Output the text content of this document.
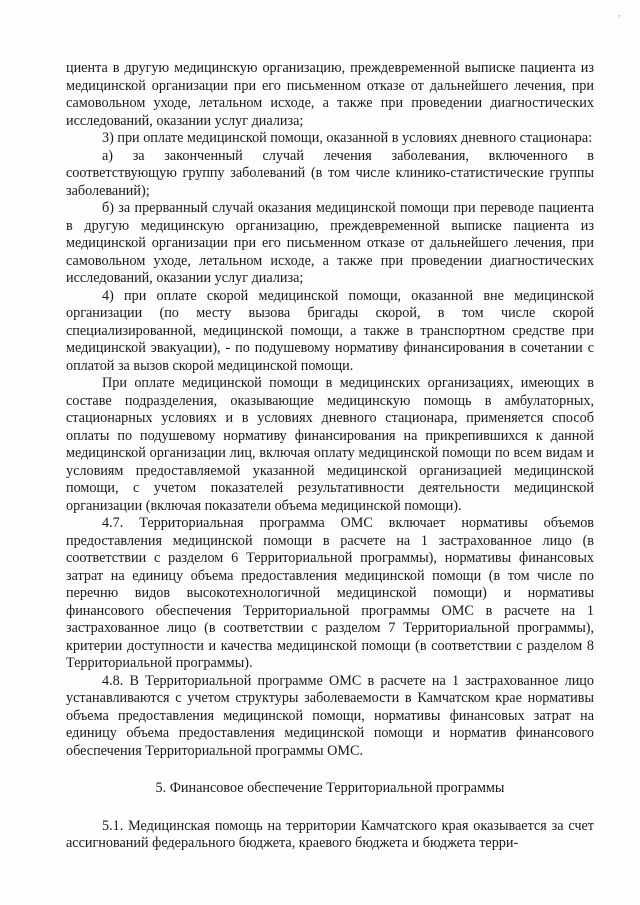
'

циента в другую медицинскую организацию, преждевременной выписке пациента из медицинской организации при его письменном отказе от дальнейшего лечения, при самовольном уходе, летальном исходе, а также при проведении диагностических исследований, оказании услуг диализа;

3) при оплате медицинской помощи, оказанной в условиях дневного стационара:

а) за законченный случай лечения заболевания, включенного в соответствующую группу заболеваний (в том числе клинико-статистические группы заболеваний);

б) за прерванный случай оказания медицинской помощи при переводе пациента в другую медицинскую организацию, преждевременной выписке пациента из медицинской организации при его письменном отказе от дальнейшего лечения, при самовольном уходе, летальном исходе, а также при проведении диагностических исследований, оказании услуг диализа;

4) при оплате скорой медицинской помощи, оказанной вне медицинской организации (по месту вызова бригады скорой, в том числе скорой специализированной, медицинской помощи, а также в транспортном средстве при медицинской эвакуации), - по подушевому нормативу финансирования в сочетании с оплатой за вызов скорой медицинской помощи.

При оплате медицинской помощи в медицинских организациях, имеющих в составе подразделения, оказывающие медицинскую помощь в амбулаторных, стационарных условиях и в условиях дневного стационара, применяется способ оплаты по подушевому нормативу финансирования на прикрепившихся к данной медицинской организации лиц, включая оплату медицинской помощи по всем видам и условиям предоставляемой указанной медицинской организацией медицинской помощи, с учетом показателей результативности деятельности медицинской организации (включая показатели объема медицинской помощи).

4.7. Территориальная программа ОМС включает нормативы объемов предоставления медицинской помощи в расчете на 1 застрахованное лицо (в соответствии с разделом 6 Территориальной программы), нормативы финансовых затрат на единицу объема предоставления медицинской помощи (в том числе по перечню видов высокотехнологичной медицинской помощи) и нормативы финансового обеспечения Территориальной программы ОМС в расчете на 1 застрахованное лицо (в соответствии с разделом 7 Территориальной программы), критерии доступности и качества медицинской помощи (в соответствии с разделом 8 Территориальной программы).

4.8. В Территориальной программе ОМС в расчете на 1 застрахованное лицо устанавливаются с учетом структуры заболеваемости в Камчатском крае нормативы объема предоставления медицинской помощи, нормативы финансовых затрат на единицу объема предоставления медицинской помощи и норматив финансового обеспечения Территориальной программы ОМС.

5. Финансовое обеспечение Территориальной программы

5.1. Медицинская помощь на территории Камчатского края оказывается за счет ассигнований федерального бюджета, краевого бюджета и бюджета терри-
